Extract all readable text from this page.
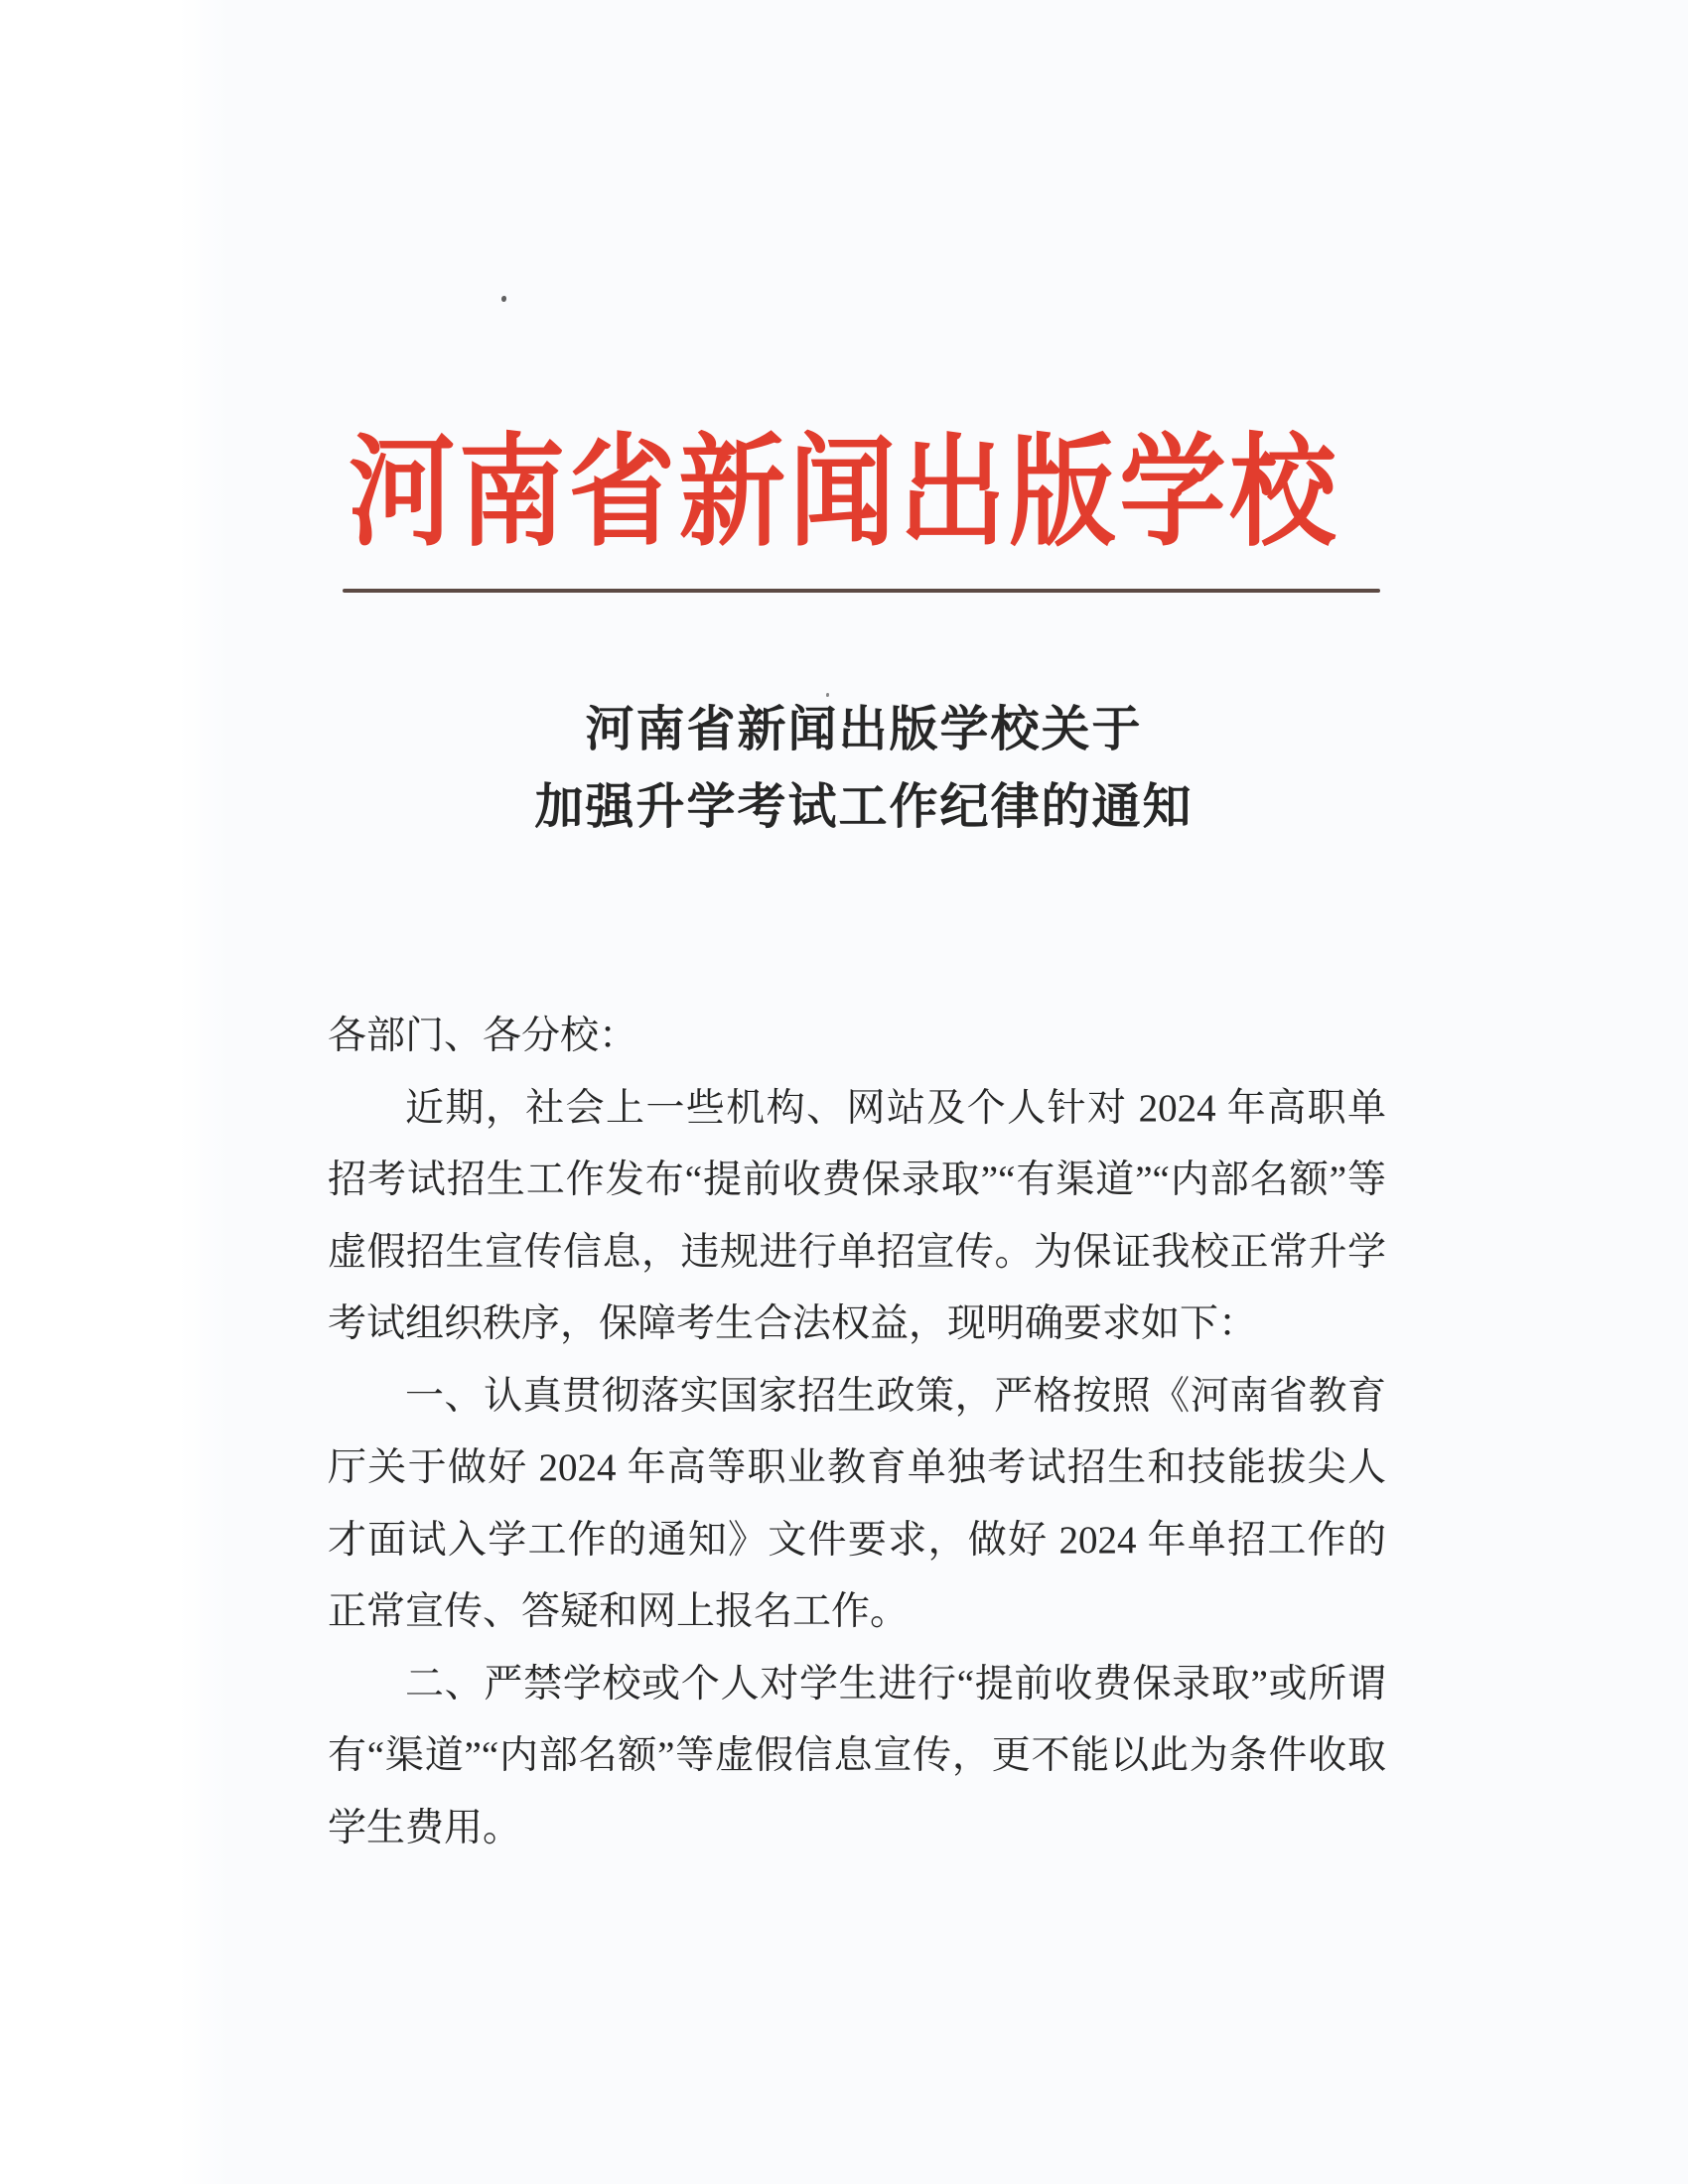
河南省新闻出版学校
河南省新闻出版学校关于
加强升学考试工作纪律的通知

各部门、各分校：

近期，社会上一些机构、网站及个人针对 2024 年高职单招考试招生工作发布“提前收费保录取”“有渠道”“内部名额”等虚假招生宣传信息，违规进行单招宣传。为保证我校正常升学考试组织秩序，保障考生合法权益，现明确要求如下：

一、认真贯彻落实国家招生政策，严格按照《河南省教育厅关于做好 2024 年高等职业教育单独考试招生和技能拔尖人才面试入学工作的通知》文件要求，做好 2024 年单招工作的正常宣传、答疑和网上报名工作。

二、严禁学校或个人对学生进行“提前收费保录取”或所谓有“渠道”“内部名额”等虚假信息宣传，更不能以此为条件收取学生费用。
